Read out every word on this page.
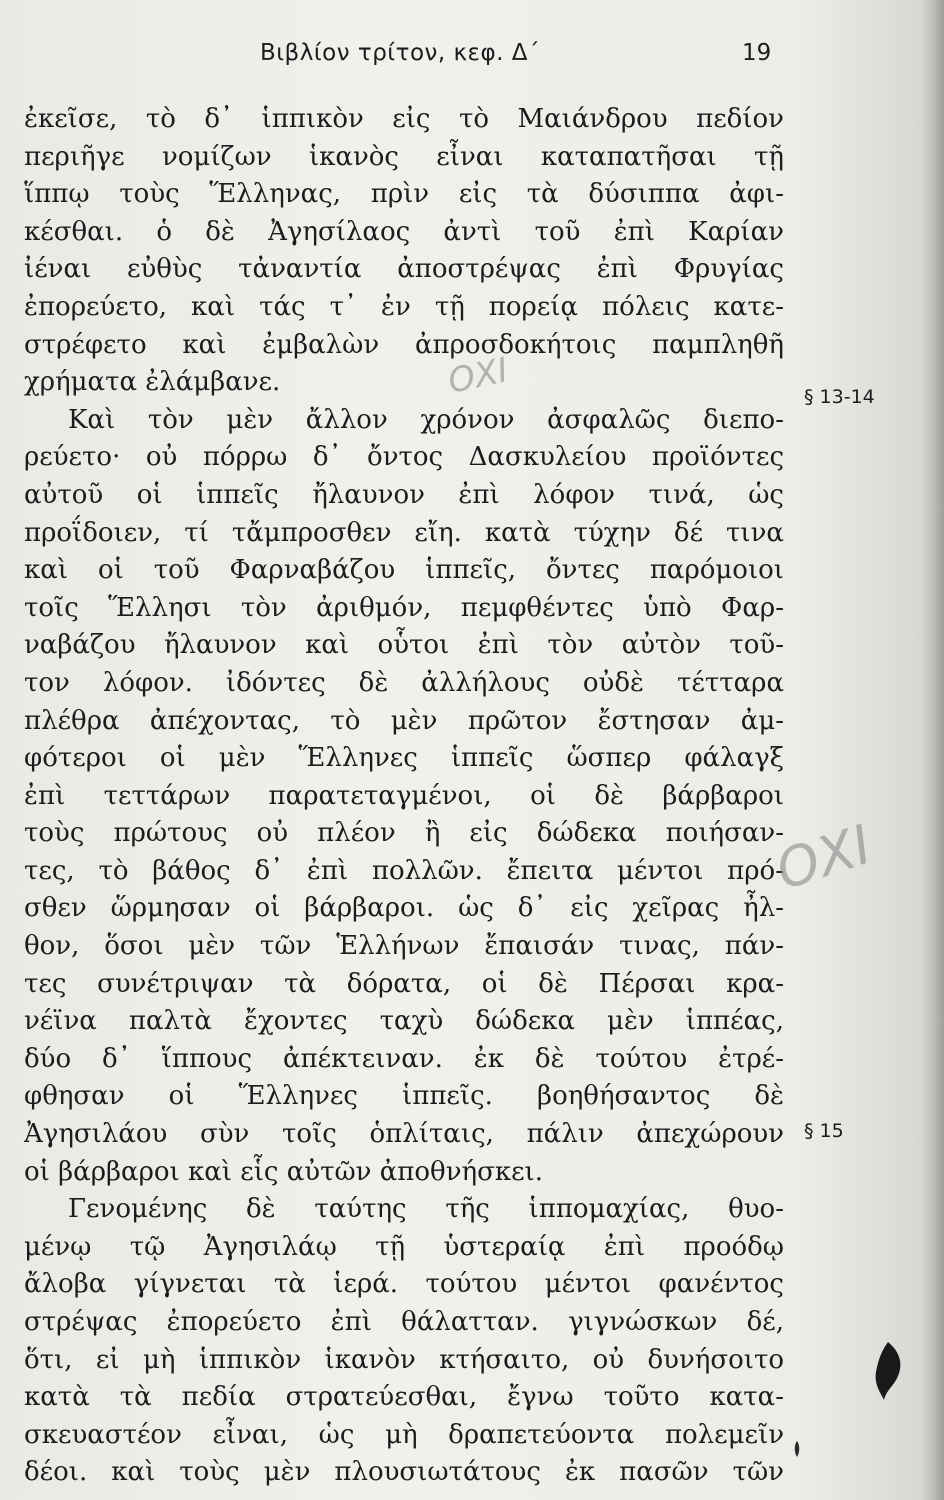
Βιβλίον τρίτον, κεφ. Δ΄	19
ἐκεῖσε, τὸ δ᾽ ἱππικὸν εἰς τὸ Μαιάνδρου πεδίον
περιῆγε νομίζων ἱκανὸς εἶναι καταπατῆσαι τῇ
ἵππῳ τοὺς Ἕλληνας, πρὶν εἰς τὰ δύσιππα ἀφι-
κέσθαι. ὁ δὲ Ἀγησίλαος ἀντὶ τοῦ ἐπὶ Καρίαν
ἰέναι εὐθὺς τἀναντία ἀποστρέψας ἐπὶ Φρυγίας
ἐπορεύετο, καὶ τάς τ᾽ ἐν τῇ πορείᾳ πόλεις κατε-
στρέφετο καὶ ἐμβαλὼν ἀπροσδοκήτοις παμπληθῆ
χρήματα ἐλάμβανε.
Καὶ τὸν μὲν ἄλλον χρόνον ἀσφαλῶς διεπο-
ρεύετο· οὐ πόρρω δ᾽ ὄντος Δασκυλείου προϊόντες
αὐτοῦ οἱ ἱππεῖς ἤλαυνον ἐπὶ λόφον τινά, ὡς
προΐδοιεν, τί τἄμπροσθεν εἴη. κατὰ τύχην δέ τινα
καὶ οἱ τοῦ Φαρναβάζου ἱππεῖς, ὄντες παρόμοιοι
τοῖς Ἕλλησι τὸν ἀριθμόν, πεμφθέντες ὑπὸ Φαρ-
ναβάζου ἤλαυνον καὶ οὗτοι ἐπὶ τὸν αὐτὸν τοῦ-
τον λόφον. ἰδόντες δὲ ἀλλήλους οὐδὲ τέτταρα
πλέθρα ἀπέχοντας, τὸ μὲν πρῶτον ἔστησαν ἀμ-
φότεροι οἱ μὲν Ἕλληνες ἱππεῖς ὥσπερ φάλαγξ
ἐπὶ τεττάρων παρατεταγμένοι, οἱ δὲ βάρβαροι
τοὺς πρώτους οὐ πλέον ἢ εἰς δώδεκα ποιήσαν-
τες, τὸ βάθος δ᾽ ἐπὶ πολλῶν. ἔπειτα μέντοι πρό-
σθεν ὥρμησαν οἱ βάρβαροι. ὡς δ᾽ εἰς χεῖρας ἦλ-
θον, ὅσοι μὲν τῶν Ἑλλήνων ἔπαισάν τινας, πάν-
τες συνέτριψαν τὰ δόρατα, οἱ δὲ Πέρσαι κρα-
νέϊνα παλτὰ ἔχοντες ταχὺ δώδεκα μὲν ἱππέας,
δύο δ᾽ ἵππους ἀπέκτειναν. ἐκ δὲ τούτου ἐτρέ-
φθησαν οἱ Ἕλληνες ἱππεῖς. βοηθήσαντος δὲ
Ἀγησιλάου σὺν τοῖς ὁπλίταις, πάλιν ἀπεχώρουν
οἱ βάρβαροι καὶ εἷς αὐτῶν ἀποθνήσκει.
Γενομένης δὲ ταύτης τῆς ἱππομαχίας, θυο-
μένῳ τῷ Ἀγησιλάῳ τῇ ὑστεραίᾳ ἐπὶ προόδῳ
ἄλοβα γίγνεται τὰ ἱερά. τούτου μέντοι φανέντος
στρέψας ἐπορεύετο ἐπὶ θάλατταν. γιγνώσκων δέ,
ὅτι, εἰ μὴ ἱππικὸν ἱκανὸν κτήσαιτο, οὐ δυνήσοιτο
κατὰ τὰ πεδία στρατεύεσθαι, ἔγνω τοῦτο κατα-
σκευαστέον εἶναι, ὡς μὴ δραπετεύοντα πολεμεῖν
δέοι. καὶ τοὺς μὲν πλουσιωτάτους ἐκ πασῶν τῶν
§ 13-14
§ 15
ΟΧΙ
ΟΧΙ
